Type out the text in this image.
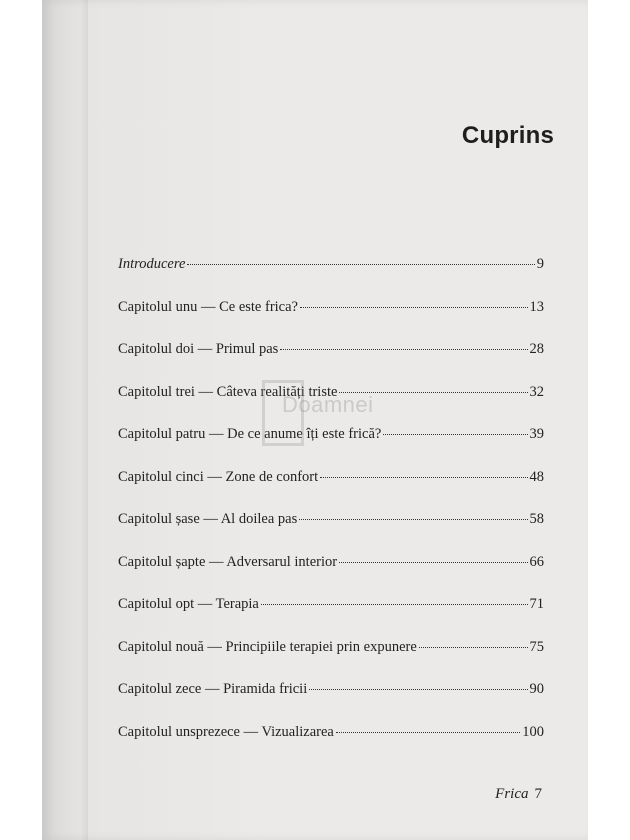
Cuprins
Introducere	9
Capitolul unu — Ce este frica?	13
Capitolul doi — Primul pas	28
Capitolul trei — Câteva realități triste	32
Capitolul patru — De ce anume îți este frică?	39
Capitolul cinci — Zone de confort	48
Capitolul șase — Al doilea pas	58
Capitolul șapte — Adversarul interior	66
Capitolul opt — Terapia	71
Capitolul nouă — Principiile terapiei prin expunere	75
Capitolul zece — Piramida fricii	90
Capitolul unsprezece — Vizualizarea	100
Doamnei
Frica 7
